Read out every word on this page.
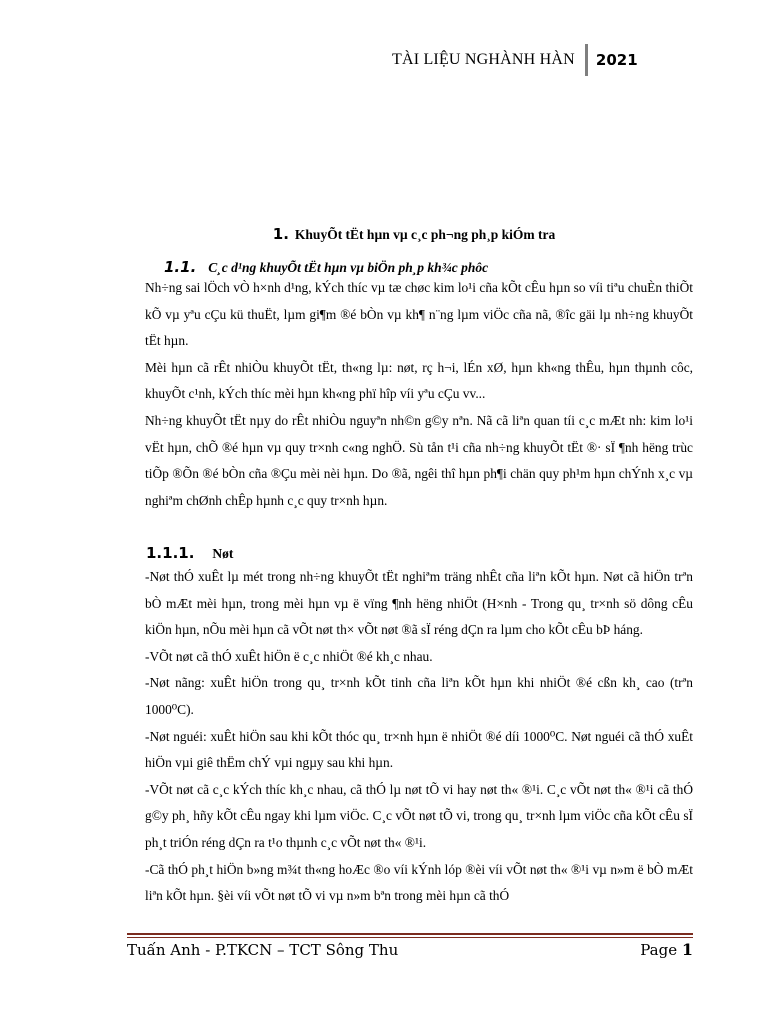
TÀI LIỆU NGHÀNH HÀN	2021
1. KhuyÕt tËt hµn vµ c¸c ph¬ng ph¸p kiÓm tra
1.1. C¸c d¹ng khuyÕt tËt hµn vµ biÖn ph¸p kh¾c phôc
Nh÷ng sai lÖch vÒ h×nh d¹ng, kÝch thíc vµ tæ chøc kim lo¹i cña kÕt cÊu hµn so víi tiªu chuÈn thiÕt kÕ vµ yªu cÇu kü thuËt, lµm gi¶m ®é bÒn vµ kh¶ n¨ng lµm viÖc cña nã, ®îc gäi lµ nh÷ng khuyÕt tËt hµn.
Mèi hµn cã rÊt nhiÒu khuyÕt tËt, th«ng lµ: nøt, rç h¬i, lÉn xØ, hµn kh«ng thÊu, hµn thµnh côc, khuyÕt c¹nh, kÝch thíc mèi hµn kh«ng phï hîp víi yªu cÇu vv...
Nh÷ng khuyÕt tËt nµy do rÊt nhiÒu nguyªn nh©n g©y nªn. Nã cã liªn quan tíi c¸c mÆt nh: kim lo¹i vËt hµn, chÕ ®é hµn vµ quy tr×nh c«ng nghÖ. Sù tån t¹i cña nh÷ng khuyÕt tËt ®· sÏ ¶nh hëng trùc tiÕp ®Õn ®é bÒn cña ®Çu mèi nèi hµn. Do ®ã, ngêi thî hµn ph¶i chän quy ph¹m hµn chÝnh x¸c vµ nghiªm chØnh chÊp hµnh c¸c quy tr×nh hµn.
1.1.1. Nøt
-Nøt thÓ xuÊt lµ mét trong nh÷ng khuyÕt tËt nghiªm träng nhÊt cña liªn kÕt hµn. Nøt cã hiÖn trªn bÒ mÆt mèi hµn, trong mèi hµn vµ ë vïng ¶nh hëng nhiÖt (H×nh - Trong qu¸ tr×nh sö dông cÊu kiÖn hµn, nÕu mèi hµn cã vÕt nøt th× vÕt nøt ®ã sÏ réng dÇn ra lµm cho kÕt cÊu bÞ háng.
-VÕt nøt cã thÓ xuÊt hiÖn ë c¸c nhiÖt ®é kh¸c nhau.
-Nøt nãng: xuÊt hiÖn trong qu¸ tr×nh kÕt tinh cña liªn kÕt hµn khi nhiÖt ®é cßn kh¸ cao (trªn 1000⁰C).
-Nøt nguéi: xuÊt hiÖn sau khi kÕt thóc qu¸ tr×nh hµn ë nhiÖt ®é díi 1000⁰C. Nøt nguéi cã thÓ xuÊt hiÖn vµi giê thËm chÝ vµi ngµy sau khi hµn.
-VÕt nøt cã c¸c kÝch thíc kh¸c nhau, cã thÓ lµ nøt tÕ vi hay nøt th« ®¹i. C¸c vÕt nøt th« ®¹i cã thÓ g©y ph¸ hñy kÕt cÊu ngay khi lµm viÖc. C¸c vÕt nøt tÕ vi, trong qu¸ tr×nh lµm viÖc cña kÕt cÊu sÏ ph¸t triÓn réng dÇn ra t¹o thµnh c¸c vÕt nøt th« ®¹i.
-Cã thÓ ph¸t hiÖn b»ng m¾t th«ng hoÆc ®o víi kÝnh lóp ®èi víi vÕt nøt th« ®¹i vµ n»m ë bÒ mÆt liªn kÕt hµn. §èi víi vÕt nøt tÕ vi vµ n»m bªn trong mèi hµn cã thÓ
Tuấn Anh - P.TKCN – TCT Sông Thu	Page 1
